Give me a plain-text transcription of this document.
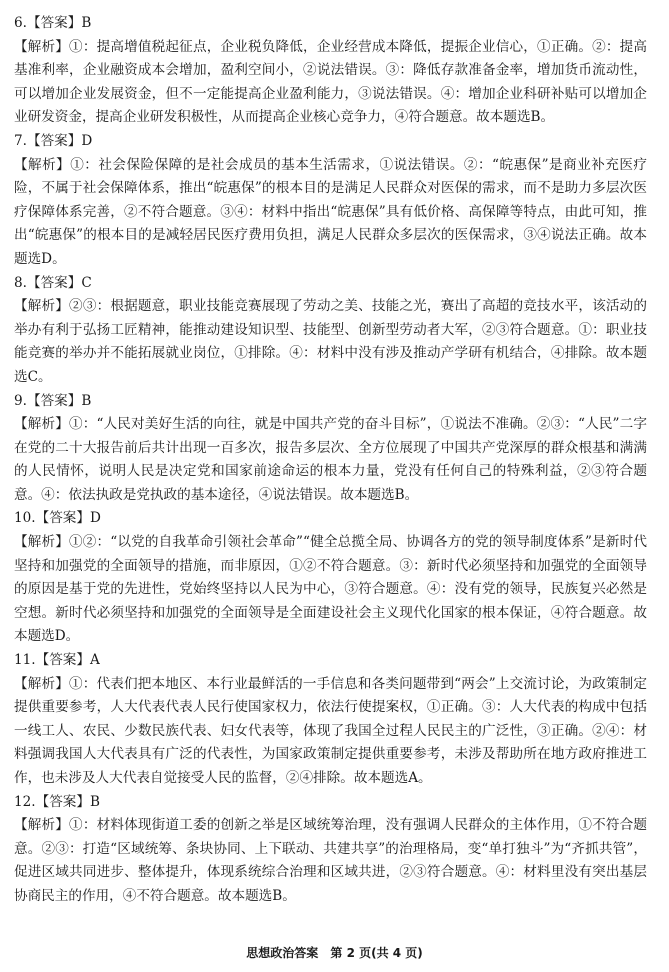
6.【答案】B
【解析】①：提高增值税起征点，企业税负降低，企业经营成本降低，提振企业信心，①正确。②：提高基准利率，企业融资成本会增加，盈利空间小，②说法错误。③：降低存款准备金率，增加货币流动性，可以增加企业发展资金，但不一定能提高企业盈利能力，③说法错误。④：增加企业科研补贴可以增加企业研发资金，提高企业研发积极性，从而提高企业核心竞争力，④符合题意。故本题选B。
7.【答案】D
【解析】①：社会保险保障的是社会成员的基本生活需求，①说法错误。②：“皖惠保”是商业补充医疗险，不属于社会保障体系，推出“皖惠保”的根本目的是满足人民群众对医保的需求，而不是助力多层次医疗保障体系完善，②不符合题意。③④：材料中指出“皖惠保”具有低价格、高保障等特点，由此可知，推出“皖惠保”的根本目的是减轻居民医疗费用负担，满足人民群众多层次的医保需求，③④说法正确。故本题选D。
8.【答案】C
【解析】②③：根据题意，职业技能竞赛展现了劳动之美、技能之光，赛出了高超的竞技水平，该活动的举办有利于弘扬工匠精神，能推动建设知识型、技能型、创新型劳动者大军，②③符合题意。①：职业技能竞赛的举办并不能拓展就业岗位，①排除。④：材料中没有涉及推动产学研有机结合，④排除。故本题选C。
9.【答案】B
【解析】①：“人民对美好生活的向往，就是中国共产党的奋斗目标”，①说法不准确。②③：“人民”二字在党的二十大报告前后共计出现一百多次，报告多层次、全方位展现了中国共产党深厚的群众根基和满满的人民情怀，说明人民是决定党和国家前途命运的根本力量，党没有任何自己的特殊利益，②③符合题意。④：依法执政是党执政的基本途径，④说法错误。故本题选B。
10.【答案】D
【解析】①②：“以党的自我革命引领社会革命”“健全总揽全局、协调各方的党的领导制度体系”是新时代坚持和加强党的全面领导的措施，而非原因，①②不符合题意。③：新时代必须坚持和加强党的全面领导的原因是基于党的先进性，党始终坚持以人民为中心，③符合题意。④：没有党的领导，民族复兴必然是空想。新时代必须坚持和加强党的全面领导是全面建设社会主义现代化国家的根本保证，④符合题意。故本题选D。
11.【答案】A
【解析】①：代表们把本地区、本行业最鲜活的一手信息和各类问题带到“两会”上交流讨论，为政策制定提供重要参考，人大代表代表人民行使国家权力，依法行使提案权，①正确。③：人大代表的构成中包括一线工人、农民、少数民族代表、妇女代表等，体现了我国全过程人民民主的广泛性，③正确。②④：材料强调我国人大代表具有广泛的代表性，为国家政策制定提供重要参考，未涉及帮助所在地方政府推进工作，也未涉及人大代表自觉接受人民的监督，②④排除。故本题选A。
12.【答案】B
【解析】①：材料体现街道工委的创新之举是区域统筹治理，没有强调人民群众的主体作用，①不符合题意。②③：打造“区域统筹、条块协同、上下联动、共建共享”的治理格局，变“单打独斗”为“齐抓共管”，促进区域共同进步、整体提升，体现系统综合治理和区域共进，②③符合题意。④：材料里没有突出基层协商民主的作用，④不符合题意。故本题选B。
思想政治答案 第 2 页(共 4 页)
